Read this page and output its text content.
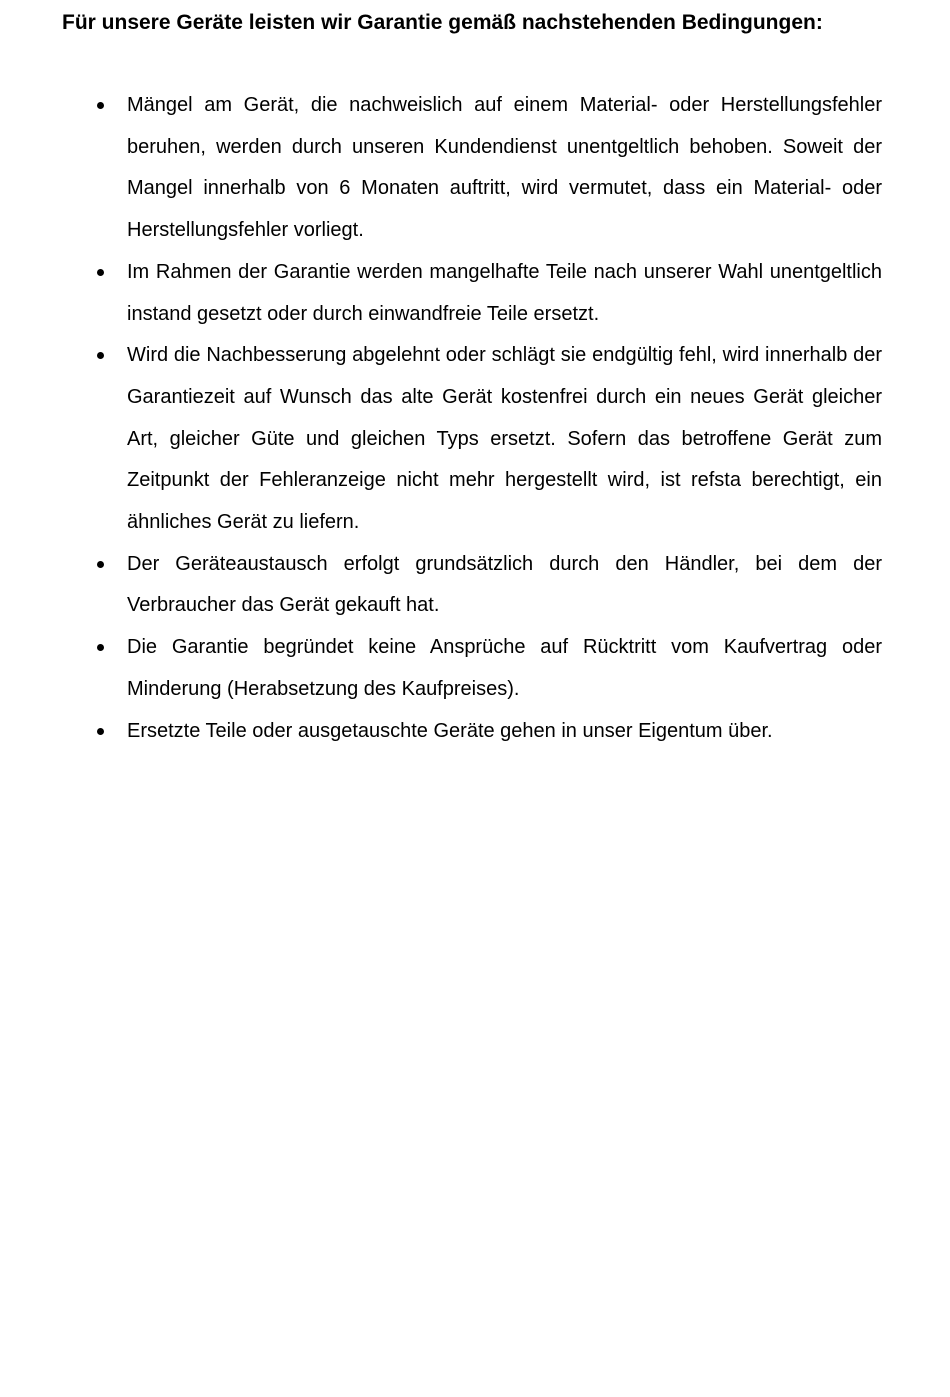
Für unsere Geräte leisten wir Garantie gemäß nachstehenden Bedingungen:

Mängel am Gerät, die nachweislich auf einem Material- oder Herstellungsfehler beruhen, werden durch unseren Kundendienst unentgeltlich behoben. Soweit der Mangel innerhalb von 6 Monaten auftritt, wird vermutet, dass ein Material- oder Herstellungsfehler vorliegt.
Im Rahmen der Garantie werden mangelhafte Teile nach unserer Wahl unentgeltlich instand gesetzt oder durch einwandfreie Teile ersetzt.
Wird die Nachbesserung abgelehnt oder schlägt sie endgültig fehl, wird innerhalb der Garantiezeit auf Wunsch das alte Gerät kostenfrei durch ein neues Gerät gleicher Art, gleicher Güte und gleichen Typs ersetzt. Sofern das betroffene Gerät zum Zeitpunkt der Fehleranzeige nicht mehr hergestellt wird, ist refsta berechtigt, ein ähnliches Gerät zu liefern.
Der Geräteaustausch erfolgt grundsätzlich durch den Händler, bei dem der Verbraucher das Gerät gekauft hat.
Die Garantie begründet keine Ansprüche auf Rücktritt vom Kaufvertrag oder Minderung (Herabsetzung des Kaufpreises).
Ersetzte Teile oder ausgetauschte Geräte gehen in unser Eigentum über.
